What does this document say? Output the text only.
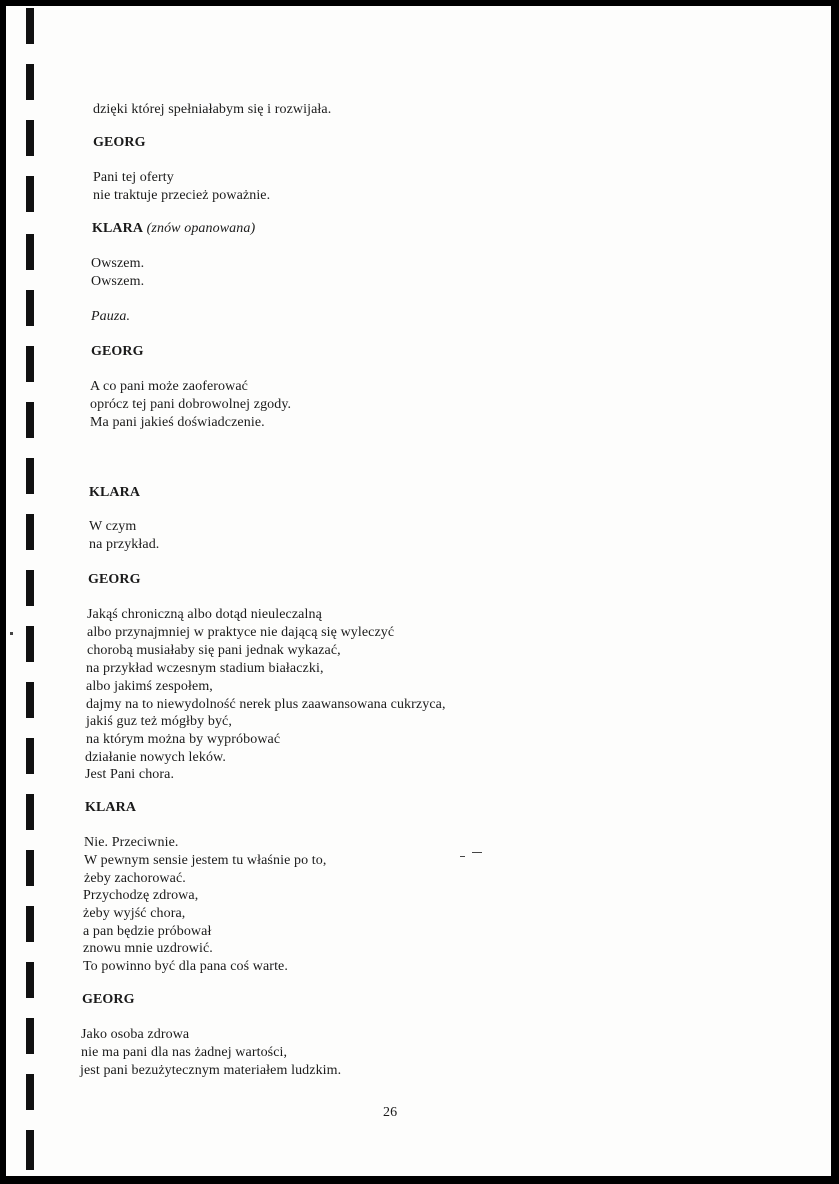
dzięki której spełniałabym się i rozwijała.
GEORG
Pani tej oferty
nie traktuje przecież poważnie.
KLARA (znów opanowana)
Owszem.
Owszem.
Pauza.
GEORG
A co pani może zaoferować
oprócz tej pani dobrowolnej zgody.
Ma pani jakieś doświadczenie.
KLARA
W czym
na przykład.
GEORG
Jakąś chroniczną albo dotąd nieuleczalną
albo przynajmniej w praktyce nie dającą się wyleczyć
chorobą musiałaby się pani jednak wykazać,
na przykład wczesnym stadium białaczki,
albo jakimś zespołem,
dajmy na to niewydolność nerek plus zaawansowana cukrzyca,
jakiś guz też mógłby być,
na którym można by wypróbować
działanie nowych leków.
Jest Pani chora.
KLARA
Nie. Przeciwnie.
W pewnym sensie jestem tu właśnie po to,
żeby zachorować.
Przychodzę zdrowa,
żeby wyjść chora,
a pan będzie próbował
znowu mnie uzdrowić.
To powinno być dla pana coś warte.
GEORG
Jako osoba zdrowa
nie ma pani dla nas żadnej wartości,
jest pani bezużytecznym materiałem ludzkim.
26
